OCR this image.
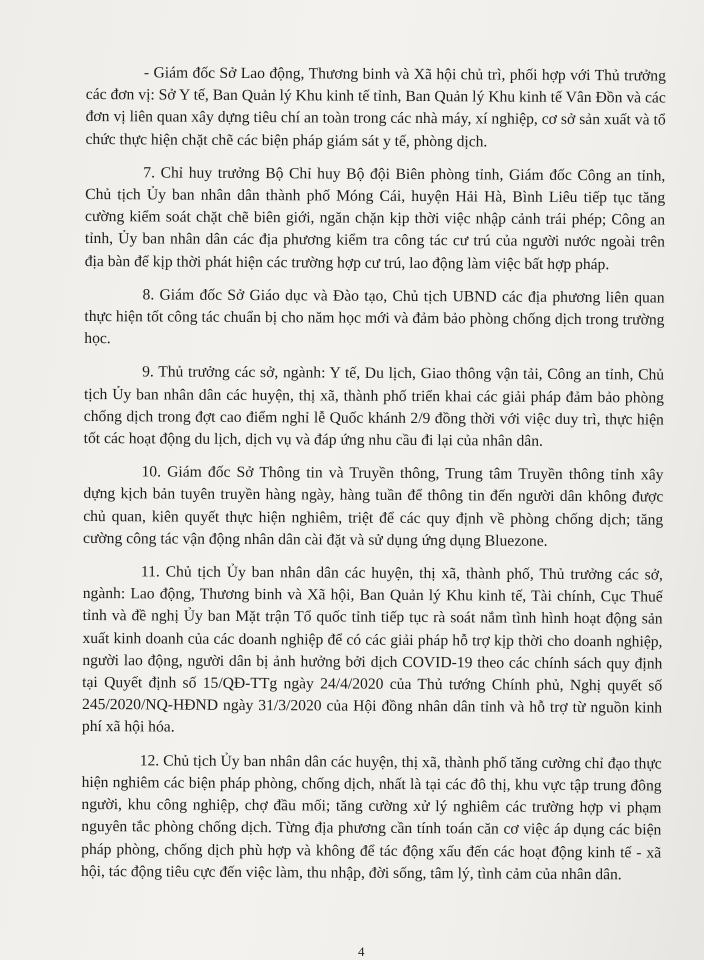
- Giám đốc Sở Lao động, Thương binh và Xã hội chủ trì, phối hợp với Thủ trưởng các đơn vị: Sở Y tế, Ban Quản lý Khu kinh tế tỉnh, Ban Quản lý Khu kinh tế Vân Đồn và các đơn vị liên quan xây dựng tiêu chí an toàn trong các nhà máy, xí nghiệp, cơ sở sản xuất và tổ chức thực hiện chặt chẽ các biện pháp giám sát y tế, phòng dịch.

7. Chỉ huy trưởng Bộ Chỉ huy Bộ đội Biên phòng tỉnh, Giám đốc Công an tỉnh, Chủ tịch Ủy ban nhân dân thành phố Móng Cái, huyện Hải Hà, Bình Liêu tiếp tục tăng cường kiểm soát chặt chẽ biên giới, ngăn chặn kịp thời việc nhập cảnh trái phép; Công an tỉnh, Ủy ban nhân dân các địa phương kiểm tra công tác cư trú của người nước ngoài trên địa bàn để kịp thời phát hiện các trường hợp cư trú, lao động làm việc bất hợp pháp.

8. Giám đốc Sở Giáo dục và Đào tạo, Chủ tịch UBND các địa phương liên quan thực hiện tốt công tác chuẩn bị cho năm học mới và đảm bảo phòng chống dịch trong trường học.

9. Thủ trưởng các sở, ngành: Y tế, Du lịch, Giao thông vận tải, Công an tỉnh, Chủ tịch Ủy ban nhân dân các huyện, thị xã, thành phố triển khai các giải pháp đảm bảo phòng chống dịch trong đợt cao điểm nghỉ lễ Quốc khánh 2/9 đồng thời với việc duy trì, thực hiện tốt các hoạt động du lịch, dịch vụ và đáp ứng nhu cầu đi lại của nhân dân.

10. Giám đốc Sở Thông tin và Truyền thông, Trung tâm Truyền thông tỉnh xây dựng kịch bản tuyên truyền hàng ngày, hàng tuần để thông tin đến người dân không được chủ quan, kiên quyết thực hiện nghiêm, triệt để các quy định về phòng chống dịch; tăng cường công tác vận động nhân dân cài đặt và sử dụng ứng dụng Bluezone.

11. Chủ tịch Ủy ban nhân dân các huyện, thị xã, thành phố, Thủ trưởng các sở, ngành: Lao động, Thương binh và Xã hội, Ban Quản lý Khu kinh tế, Tài chính, Cục Thuế tỉnh và đề nghị Ủy ban Mặt trận Tổ quốc tỉnh tiếp tục rà soát nắm tình hình hoạt động sản xuất kinh doanh của các doanh nghiệp để có các giải pháp hỗ trợ kịp thời cho doanh nghiệp, người lao động, người dân bị ảnh hưởng bởi dịch COVID-19 theo các chính sách quy định tại Quyết định số 15/QĐ-TTg ngày 24/4/2020 của Thủ tướng Chính phủ, Nghị quyết số 245/2020/NQ-HĐND ngày 31/3/2020 của Hội đồng nhân dân tỉnh và hỗ trợ từ nguồn kinh phí xã hội hóa.

12. Chủ tịch Ủy ban nhân dân các huyện, thị xã, thành phố tăng cường chỉ đạo thực hiện nghiêm các biện pháp phòng, chống dịch, nhất là tại các đô thị, khu vực tập trung đông người, khu công nghiệp, chợ đầu mối; tăng cường xử lý nghiêm các trường hợp vi phạm nguyên tắc phòng chống dịch. Từng địa phương cần tính toán căn cơ việc áp dụng các biện pháp phòng, chống dịch phù hợp và không để tác động xấu đến các hoạt động kinh tế - xã hội, tác động tiêu cực đến việc làm, thu nhập, đời sống, tâm lý, tình cảm của nhân dân.

4
